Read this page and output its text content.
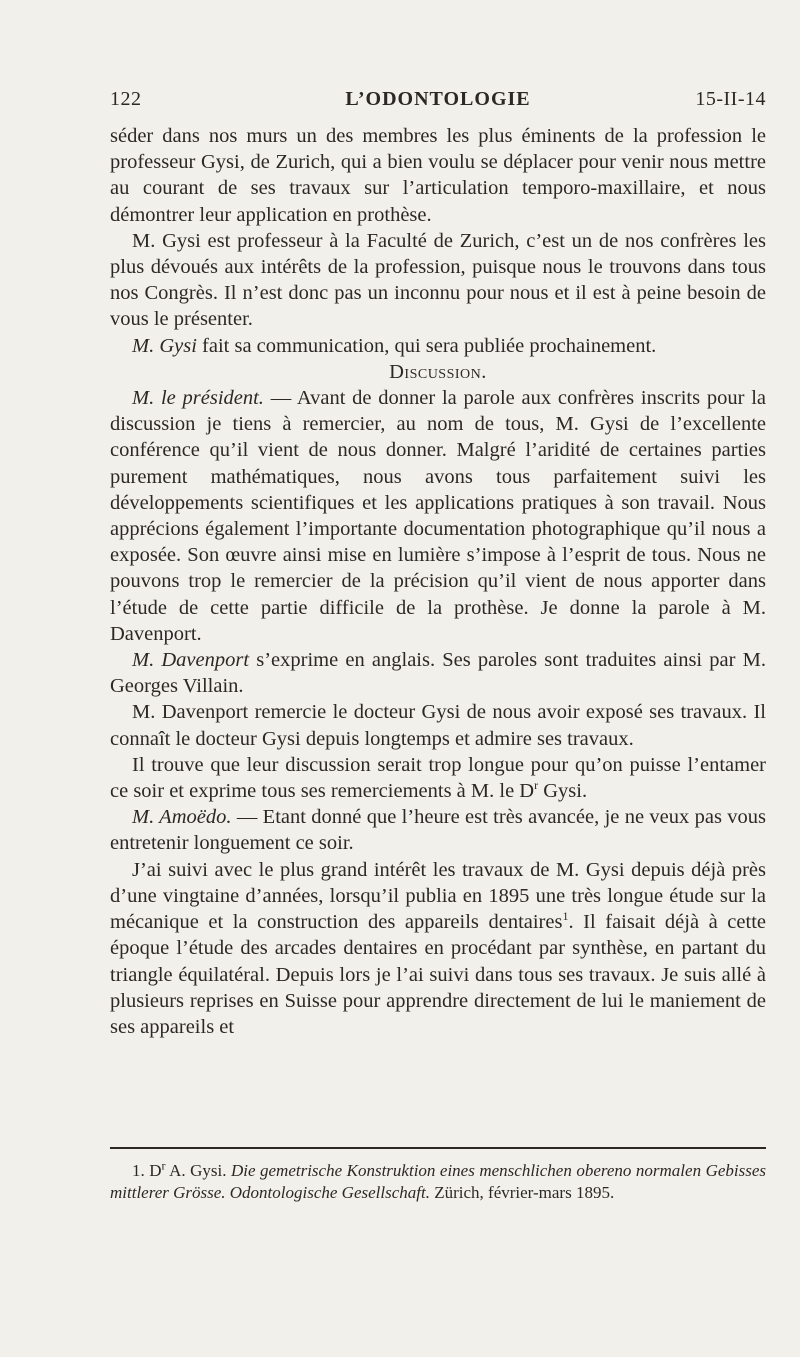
122	L’ODONTOLOGIE	15-II-14

séder dans nos murs un des membres les plus éminents de la profession le professeur Gysi, de Zurich, qui a bien voulu se déplacer pour venir nous mettre au courant de ses travaux sur l’articulation temporo-maxillaire, et nous démontrer leur application en prothèse.

M. Gysi est professeur à la Faculté de Zurich, c’est un de nos confrères les plus dévoués aux intérêts de la profession, puisque nous le trouvons dans tous nos Congrès. Il n’est donc pas un inconnu pour nous et il est à peine besoin de vous le présenter.

M. Gysi fait sa communication, qui sera publiée prochainement.

Discussion.

M. le président. — Avant de donner la parole aux confrères inscrits pour la discussion je tiens à remercier, au nom de tous, M. Gysi de l’excellente conférence qu’il vient de nous donner. Malgré l’aridité de certaines parties purement mathématiques, nous avons tous parfaitement suivi les développements scientifiques et les applications pratiques à son travail. Nous apprécions également l’importante documentation photographique qu’il nous a exposée. Son œuvre ainsi mise en lumière s’impose à l’esprit de tous. Nous ne pouvons trop le remercier de la précision qu’il vient de nous apporter dans l’étude de cette partie difficile de la prothèse. Je donne la parole à M. Davenport.

M. Davenport s’exprime en anglais. Ses paroles sont traduites ainsi par M. Georges Villain.

M. Davenport remercie le docteur Gysi de nous avoir exposé ses travaux. Il connaît le docteur Gysi depuis longtemps et admire ses travaux.

Il trouve que leur discussion serait trop longue pour qu’on puisse l’entamer ce soir et exprime tous ses remerciements à M. le $D^r$ Gysi.

M. Amoëdo. — Etant donné que l’heure est très avancée, je ne veux pas vous entretenir longuement ce soir.

J’ai suivi avec le plus grand intérêt les travaux de M. Gysi depuis déjà près d’une vingtaine d’années, lorsqu’il publia en 1895 une très longue étude sur la mécanique et la construction des appareils dentaires$^1$. Il faisait déjà à cette époque l’étude des arcades dentaires en procédant par synthèse, en partant du triangle équilatéral. Depuis lors je l’ai suivi dans tous ses travaux. Je suis allé à plusieurs reprises en Suisse pour apprendre directement de lui le maniement de ses appareils et

1. $D^r$ A. Gysi. Die gemetrische Konstruktion eines menschlichen obereno normalen Gebisses mittlerer Grösse. Odontologische Gesellschaft. Zürich, février-mars 1895.
